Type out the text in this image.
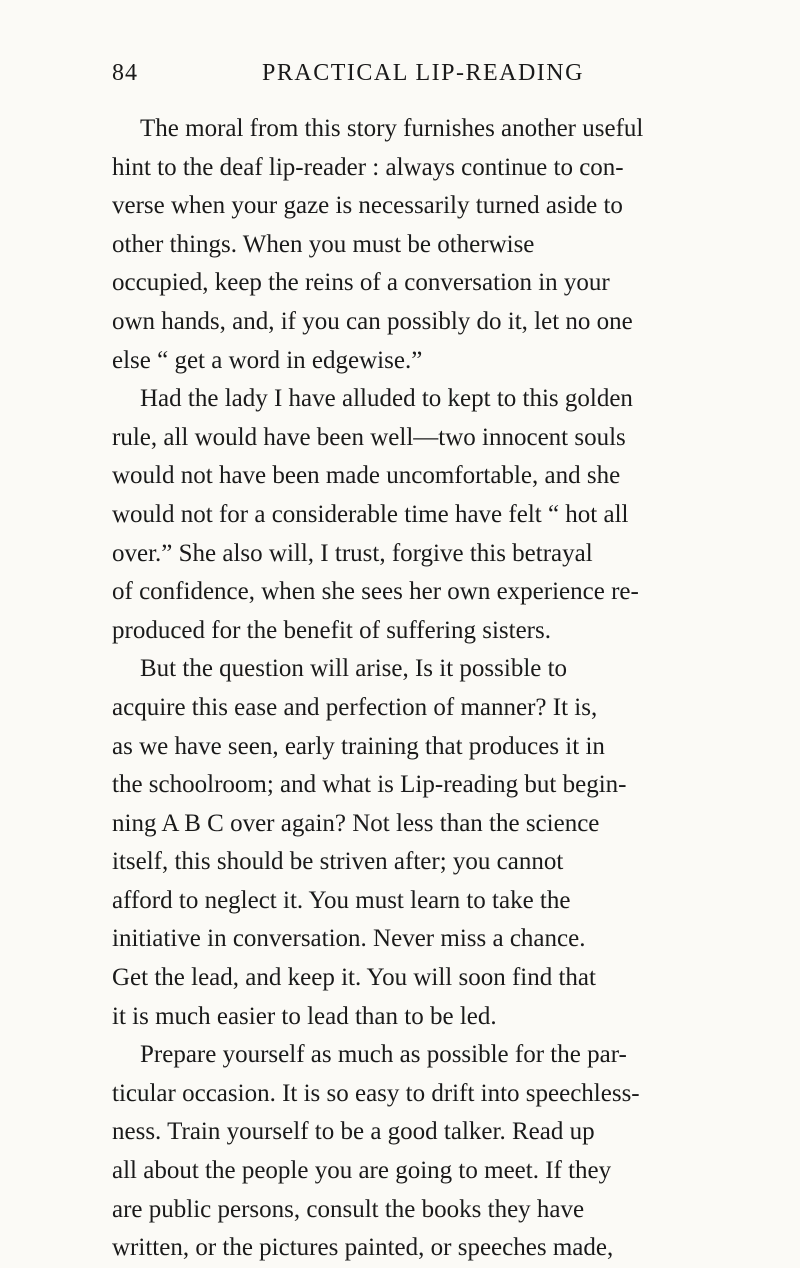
84	PRACTICAL LIP-READING
The moral from this story furnishes another useful
hint to the deaf lip-reader : always continue to con-
verse when your gaze is necessarily turned aside to
other things. When you must be otherwise
occupied, keep the reins of a conversation in your
own hands, and, if you can possibly do it, let no one
else “ get a word in edgewise.”
Had the lady I have alluded to kept to this golden
rule, all would have been well—two innocent souls
would not have been made uncomfortable, and she
would not for a considerable time have felt “ hot all
over.” She also will, I trust, forgive this betrayal
of confidence, when she sees her own experience re-
produced for the benefit of suffering sisters.
But the question will arise, Is it possible to
acquire this ease and perfection of manner? It is,
as we have seen, early training that produces it in
the schoolroom; and what is Lip-reading but begin-
ning A B C over again? Not less than the science
itself, this should be striven after; you cannot
afford to neglect it. You must learn to take the
initiative in conversation. Never miss a chance.
Get the lead, and keep it. You will soon find that
it is much easier to lead than to be led.
Prepare yourself as much as possible for the par-
ticular occasion. It is so easy to drift into speechless-
ness. Train yourself to be a good talker. Read up
all about the people you are going to meet. If they
are public persons, consult the books they have
written, or the pictures painted, or speeches made,
